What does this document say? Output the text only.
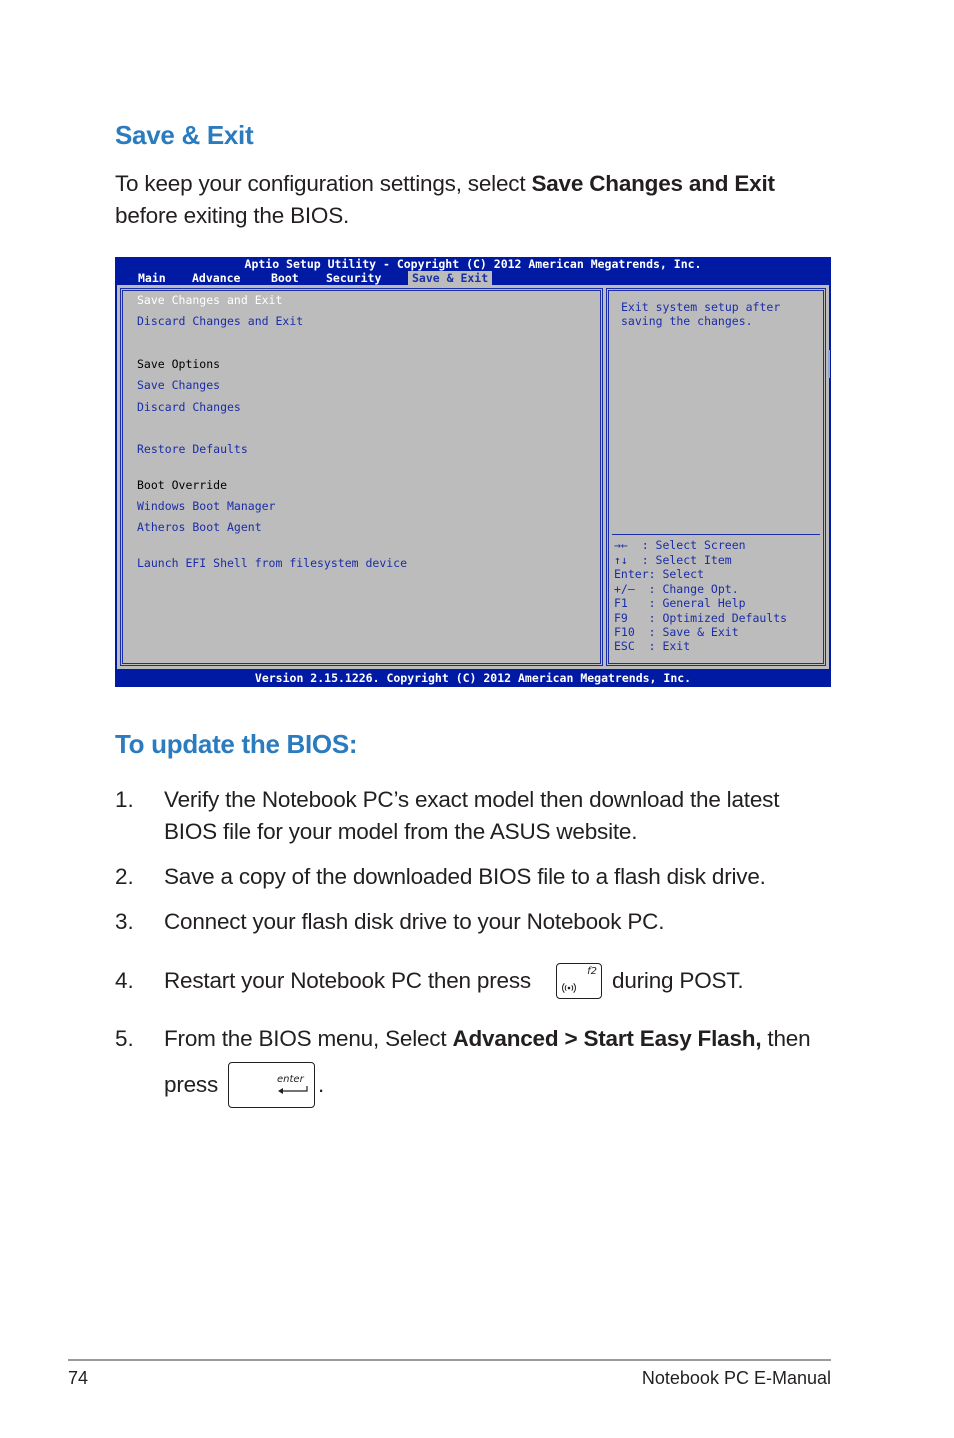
Save & Exit
To keep your configuration settings, select Save Changes and Exit before exiting the BIOS.
Aptio Setup Utility - Copyright (C) 2012 American Megatrends, Inc.
Main	Advance	Boot	Security	Save & Exit
Save Changes and Exit
Discard Changes and Exit
Save Options
Save Changes
Discard Changes
Restore Defaults
Boot Override
Windows Boot Manager
Atheros Boot Agent
Launch EFI Shell from filesystem device
Exit system setup after
saving the changes.
→←  : Select Screen
↑↓  : Select Item
Enter: Select
+/—  : Change Opt.
F1   : General Help
F9   : Optimized Defaults
F10  : Save & Exit
ESC  : Exit
Version 2.15.1226. Copyright (C) 2012 American Megatrends, Inc.
To update the BIOS:
1. Verify the Notebook PC’s exact model then download the latest
BIOS file for your model from the ASUS website.
2. Save a copy of the downloaded BIOS file to a flash disk drive.
3. Connect your flash disk drive to your Notebook PC.
4. Restart your Notebook PC then press	f2 during POST.
5. From the BIOS menu, Select Advanced > Start Easy Flash, then
press	enter .
74	Notebook PC E-Manual
